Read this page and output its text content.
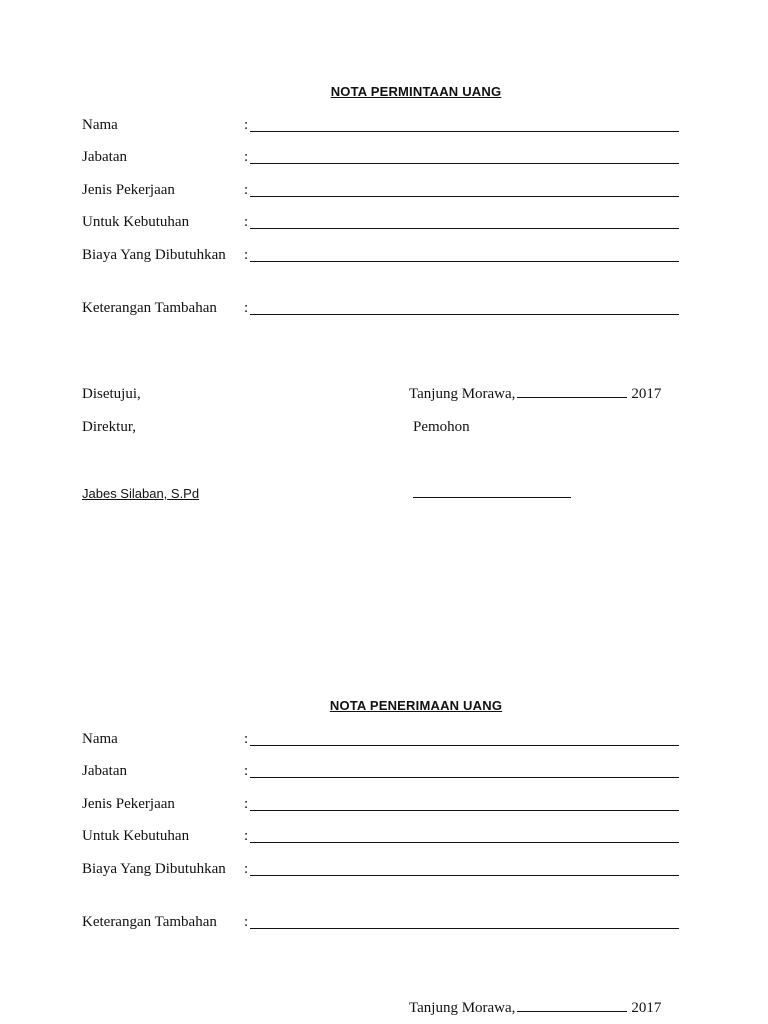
NOTA PERMINTAAN UANG
Nama	:
Jabatan	:
Jenis Pekerjaan	:
Untuk Kebutuhan	:
Biaya Yang Dibutuhkan :
Keterangan Tambahan :
Disetujui,	Tanjung Morawa,	2017
Direktur,	Pemohon
Jabes Silaban, S.Pd
NOTA PENERIMAAN UANG
Nama	:
Jabatan	:
Jenis Pekerjaan	:
Untuk Kebutuhan	:
Biaya Yang Dibutuhkan :
Keterangan Tambahan :
Tanjung Morawa,	2017
